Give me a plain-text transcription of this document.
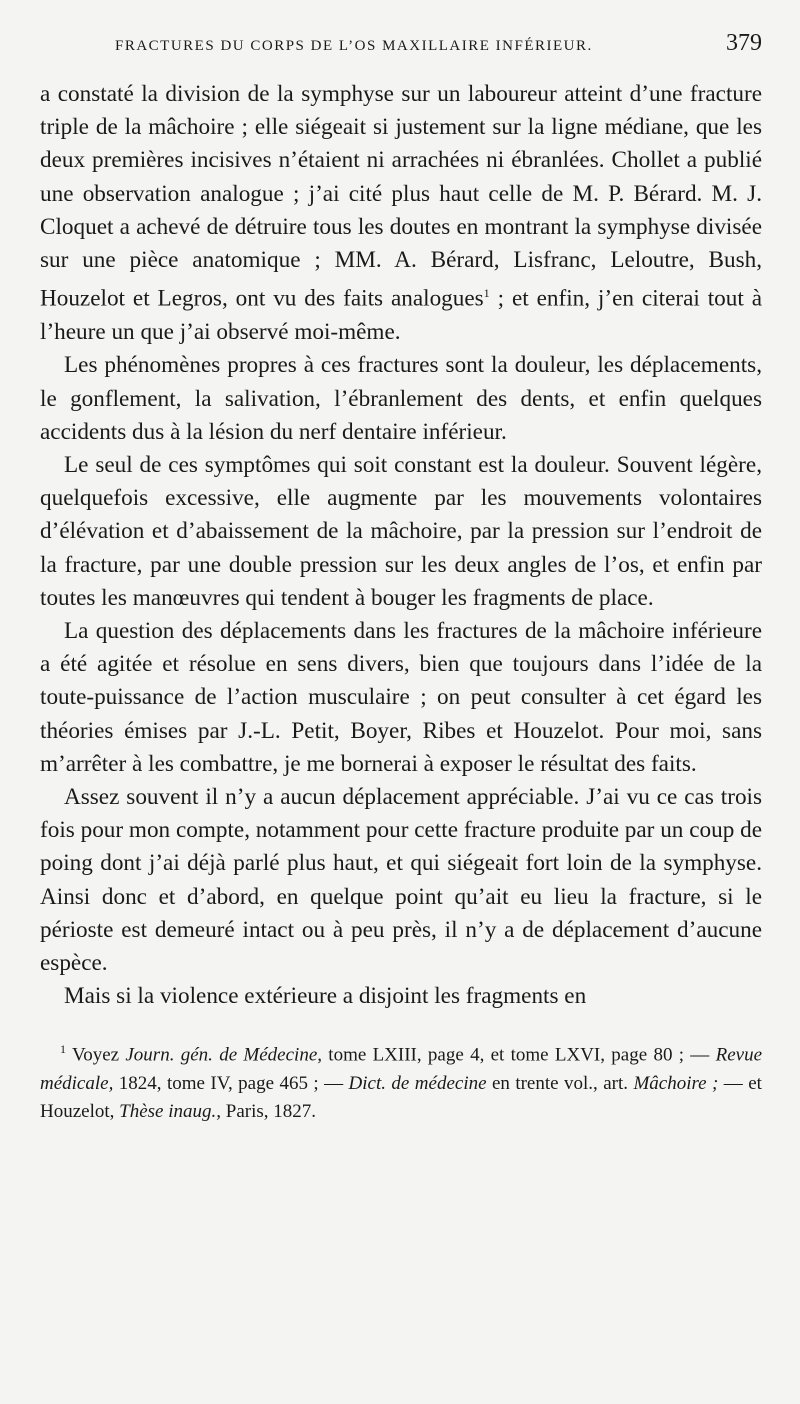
FRACTURES DU CORPS DE L’OS MAXILLAIRE INFÉRIEUR.	379

a constaté la division de la symphyse sur un laboureur atteint d’une fracture triple de la mâchoire ; elle siégeait si justement sur la ligne médiane, que les deux premières incisives n’étaient ni arrachées ni ébranlées. Chollet a publié une observation analogue ; j’ai cité plus haut celle de M. P. Bérard. M. J. Cloquet a achevé de détruire tous les doutes en montrant la symphyse divisée sur une pièce anatomique ; MM. A. Bérard, Lisfranc, Leloutre, Bush, Houzelot et Legros, ont vu des faits analogues$^1$ ; et enfin, j’en citerai tout à l’heure un que j’ai observé moi-même.

Les phénomènes propres à ces fractures sont la douleur, les déplacements, le gonflement, la salivation, l’ébranlement des dents, et enfin quelques accidents dus à la lésion du nerf dentaire inférieur.

Le seul de ces symptômes qui soit constant est la douleur. Souvent légère, quelquefois excessive, elle augmente par les mouvements volontaires d’élévation et d’abaissement de la mâchoire, par la pression sur l’endroit de la fracture, par une double pression sur les deux angles de l’os, et enfin par toutes les manœuvres qui tendent à bouger les fragments de place.

La question des déplacements dans les fractures de la mâchoire inférieure a été agitée et résolue en sens divers, bien que toujours dans l’idée de la toute-puissance de l’action musculaire ; on peut consulter à cet égard les théories émises par J.-L. Petit, Boyer, Ribes et Houzelot. Pour moi, sans m’arrêter à les combattre, je me bornerai à exposer le résultat des faits.

Assez souvent il n’y a aucun déplacement appréciable. J’ai vu ce cas trois fois pour mon compte, notamment pour cette fracture produite par un coup de poing dont j’ai déjà parlé plus haut, et qui siégeait fort loin de la symphyse. Ainsi donc et d’abord, en quelque point qu’ait eu lieu la fracture, si le périoste est demeuré intact ou à peu près, il n’y a de déplacement d’aucune espèce.

Mais si la violence extérieure a disjoint les fragments en

$^1$ Voyez Journ. gén. de Médecine, tome LXIII, page 4, et tome LXVI, page 80 ; — Revue médicale, 1824, tome IV, page 465 ; — Dict. de médecine en trente vol., art. Mâchoire ; — et Houzelot, Thèse inaug., Paris, 1827.
